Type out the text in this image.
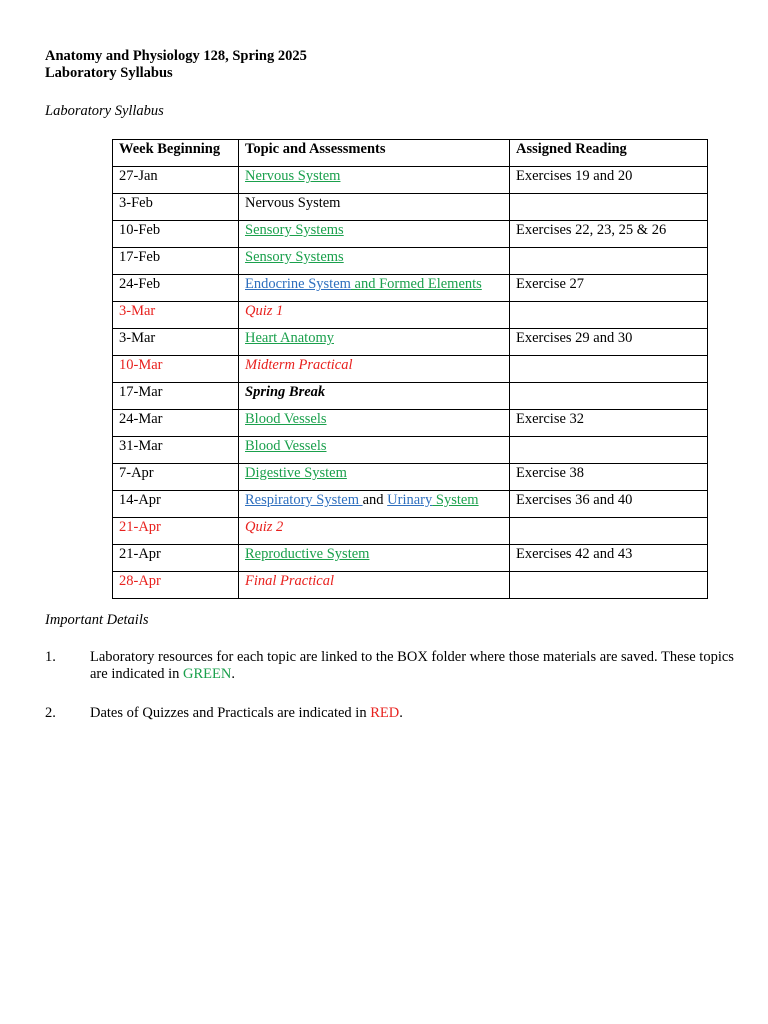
Anatomy and Physiology 128, Spring 2025
Laboratory Syllabus
Laboratory Syllabus
Week Beginning	Topic and Assessments	Assigned Reading
27-Jan	Nervous System	Exercises 19 and 20
3-Feb	Nervous System	
10-Feb	Sensory Systems	Exercises 22, 23, 25 & 26
17-Feb	Sensory Systems	
24-Feb	Endocrine System and Formed Elements	Exercise 27
3-Mar	Quiz 1	
3-Mar	Heart Anatomy	Exercises 29 and 30
10-Mar	Midterm Practical	
17-Mar	Spring Break	
24-Mar	Blood Vessels	Exercise 32
31-Mar	Blood Vessels	
7-Apr	Digestive System	Exercise 38
14-Apr	Respiratory System and Urinary System	Exercises 36 and 40
21-Apr	Quiz 2	
21-Apr	Reproductive System	Exercises 42 and 43
28-Apr	Final Practical	
Important Details
1. Laboratory resources for each topic are linked to the BOX folder where those materials are saved. These topics are indicated in GREEN.
2. Dates of Quizzes and Practicals are indicated in RED.
